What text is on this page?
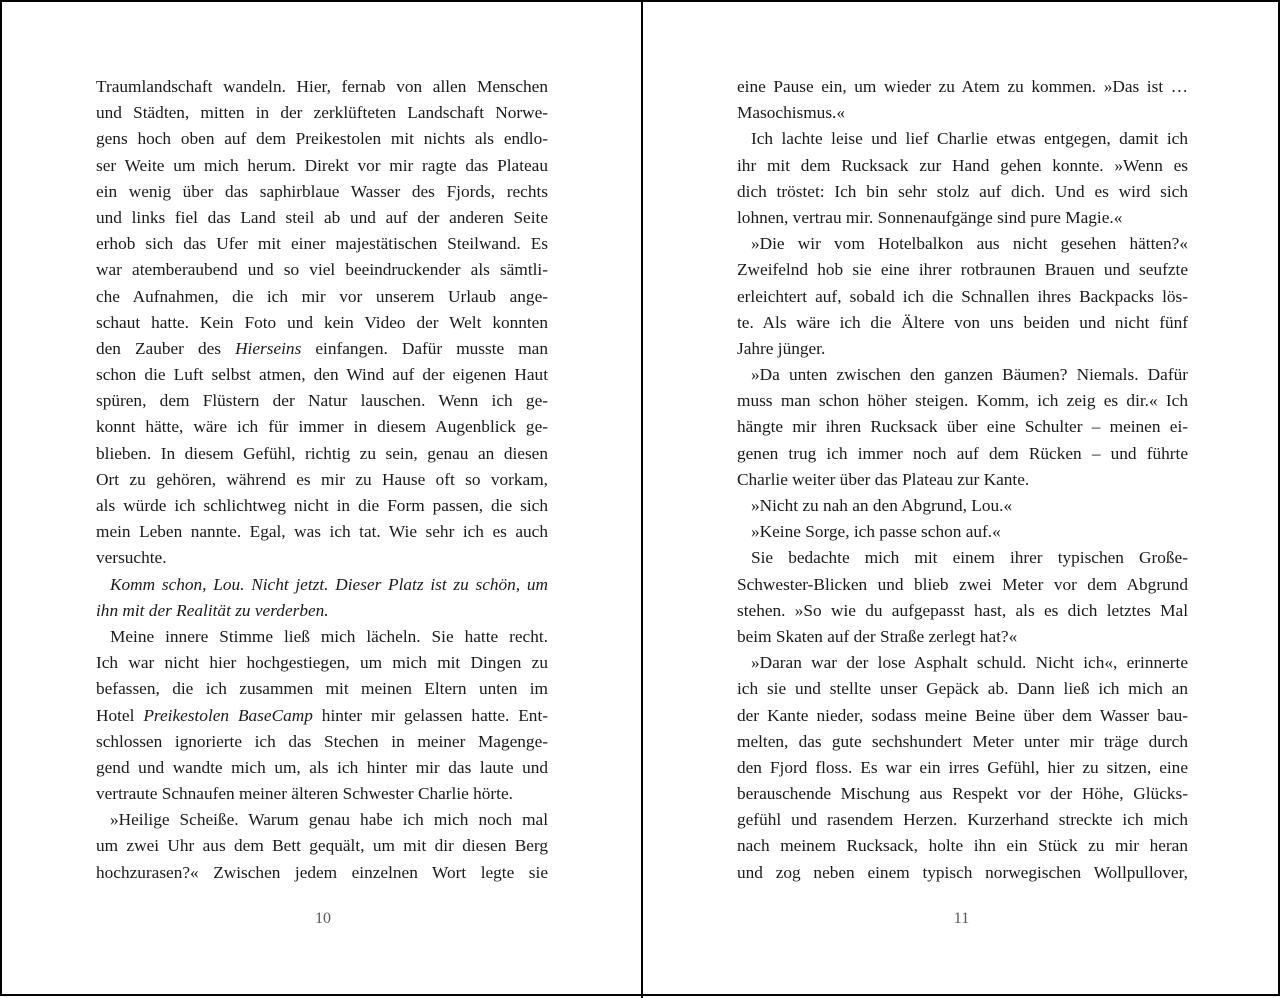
Traumlandschaft wandeln. Hier, fernab von allen Menschen
und Städten, mitten in der zerklüfteten Landschaft Norwe-
gens hoch oben auf dem Preikestolen mit nichts als endlo-
ser Weite um mich herum. Direkt vor mir ragte das Plateau
ein wenig über das saphirblaue Wasser des Fjords, rechts
und links fiel das Land steil ab und auf der anderen Seite
erhob sich das Ufer mit einer majestätischen Steilwand. Es
war atemberaubend und so viel beeindruckender als sämtli-
che Aufnahmen, die ich mir vor unserem Urlaub ange-
schaut hatte. Kein Foto und kein Video der Welt konnten
den Zauber des Hierseins einfangen. Dafür musste man
schon die Luft selbst atmen, den Wind auf der eigenen Haut
spüren, dem Flüstern der Natur lauschen. Wenn ich ge-
konnt hätte, wäre ich für immer in diesem Augenblick ge-
blieben. In diesem Gefühl, richtig zu sein, genau an diesen
Ort zu gehören, während es mir zu Hause oft so vorkam,
als würde ich schlichtweg nicht in die Form passen, die sich
mein Leben nannte. Egal, was ich tat. Wie sehr ich es auch
versuchte.
Komm schon, Lou. Nicht jetzt. Dieser Platz ist zu schön, um
ihn mit der Realität zu verderben.
Meine innere Stimme ließ mich lächeln. Sie hatte recht.
Ich war nicht hier hochgestiegen, um mich mit Dingen zu
befassen, die ich zusammen mit meinen Eltern unten im
Hotel Preikestolen BaseCamp hinter mir gelassen hatte. Ent-
schlossen ignorierte ich das Stechen in meiner Magenge-
gend und wandte mich um, als ich hinter mir das laute und
vertraute Schnaufen meiner älteren Schwester Charlie hörte.
»Heilige Scheiße. Warum genau habe ich mich noch mal
um zwei Uhr aus dem Bett gequält, um mit dir diesen Berg
hochzurasen?« Zwischen jedem einzelnen Wort legte sie
10
eine Pause ein, um wieder zu Atem zu kommen. »Das ist …
Masochismus.«
Ich lachte leise und lief Charlie etwas entgegen, damit ich
ihr mit dem Rucksack zur Hand gehen konnte. »Wenn es
dich tröstet: Ich bin sehr stolz auf dich. Und es wird sich
lohnen, vertrau mir. Sonnenaufgänge sind pure Magie.«
»Die wir vom Hotelbalkon aus nicht gesehen hätten?«
Zweifelnd hob sie eine ihrer rotbraunen Brauen und seufzte
erleichtert auf, sobald ich die Schnallen ihres Backpacks lös-
te. Als wäre ich die Ältere von uns beiden und nicht fünf
Jahre jünger.
»Da unten zwischen den ganzen Bäumen? Niemals. Dafür
muss man schon höher steigen. Komm, ich zeig es dir.« Ich
hängte mir ihren Rucksack über eine Schulter – meinen ei-
genen trug ich immer noch auf dem Rücken – und führte
Charlie weiter über das Plateau zur Kante.
»Nicht zu nah an den Abgrund, Lou.«
»Keine Sorge, ich passe schon auf.«
Sie bedachte mich mit einem ihrer typischen Große-
Schwester-Blicken und blieb zwei Meter vor dem Abgrund
stehen. »So wie du aufgepasst hast, als es dich letztes Mal
beim Skaten auf der Straße zerlegt hat?«
»Daran war der lose Asphalt schuld. Nicht ich«, erinnerte
ich sie und stellte unser Gepäck ab. Dann ließ ich mich an
der Kante nieder, sodass meine Beine über dem Wasser bau-
melten, das gute sechshundert Meter unter mir träge durch
den Fjord floss. Es war ein irres Gefühl, hier zu sitzen, eine
berauschende Mischung aus Respekt vor der Höhe, Glücks-
gefühl und rasendem Herzen. Kurzerhand streckte ich mich
nach meinem Rucksack, holte ihn ein Stück zu mir heran
und zog neben einem typisch norwegischen Wollpullover,
11
